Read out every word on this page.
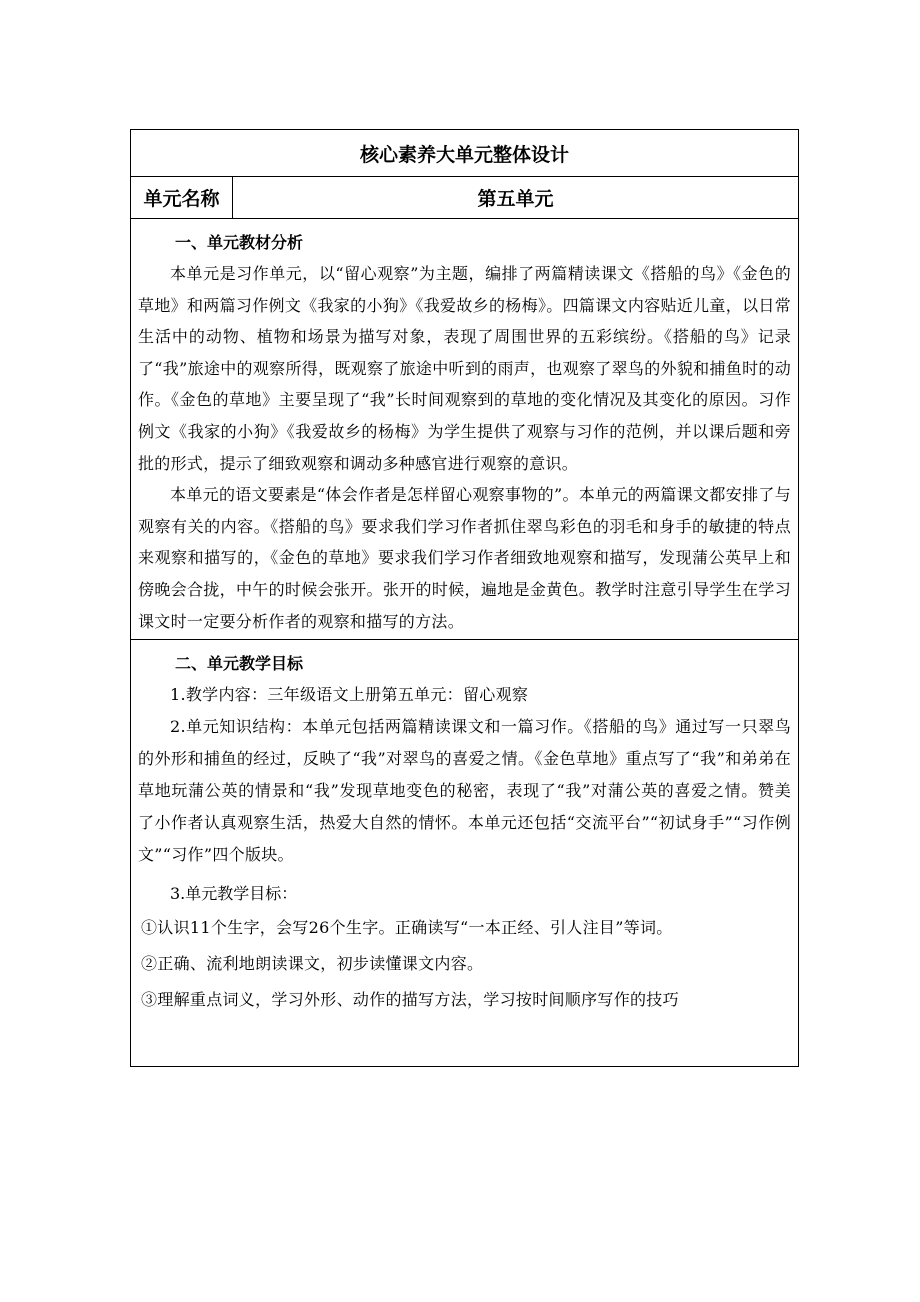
核心素养大单元整体设计
单元名称	第五单元

一、单元教材分析

本单元是习作单元，以“留心观察”为主题，编排了两篇精读课文《搭船的鸟》《金色的草地》和两篇习作例文《我家的小狗》《我爱故乡的杨梅》。四篇课文内容贴近儿童，以日常生活中的动物、植物和场景为描写对象，表现了周围世界的五彩缤纷。《搭船的鸟》记录了“我”旅途中的观察所得，既观察了旅途中听到的雨声，也观察了翠鸟的外貌和捕鱼时的动作。《金色的草地》主要呈现了“我”长时间观察到的草地的变化情况及其变化的原因。习作例文《我家的小狗》《我爱故乡的杨梅》为学生提供了观察与习作的范例，并以课后题和旁批的形式，提示了细致观察和调动多种感官进行观察的意识。

本单元的语文要素是“体会作者是怎样留心观察事物的”。本单元的两篇课文都安排了与观察有关的内容。《搭船的鸟》要求我们学习作者抓住翠鸟彩色的羽毛和身手的敏捷的特点来观察和描写的，《金色的草地》要求我们学习作者细致地观察和描写，发现蒲公英早上和傍晚会合拢，中午的时候会张开。张开的时候，遍地是金黄色。教学时注意引导学生在学习课文时一定要分析作者的观察和描写的方法。

二、单元教学目标

1.教学内容：三年级语文上册第五单元：留心观察

2.单元知识结构：本单元包括两篇精读课文和一篇习作。《搭船的鸟》通过写一只翠鸟的外形和捕鱼的经过，反映了“我”对翠鸟的喜爱之情。《金色草地》重点写了“我”和弟弟在草地玩蒲公英的情景和“我”发现草地变色的秘密，表现了“我”对蒲公英的喜爱之情。赞美了小作者认真观察生活，热爱大自然的情怀。本单元还包括“交流平台”“初试身手”“习作例文”“习作”四个版块。

3.单元教学目标：

①认识11个生字，会写26个生字。正确读写“一本正经、引人注目”等词。

②正确、流利地朗读课文，初步读懂课文内容。

③理解重点词义，学习外形、动作的描写方法，学习按时间顺序写作的技巧
